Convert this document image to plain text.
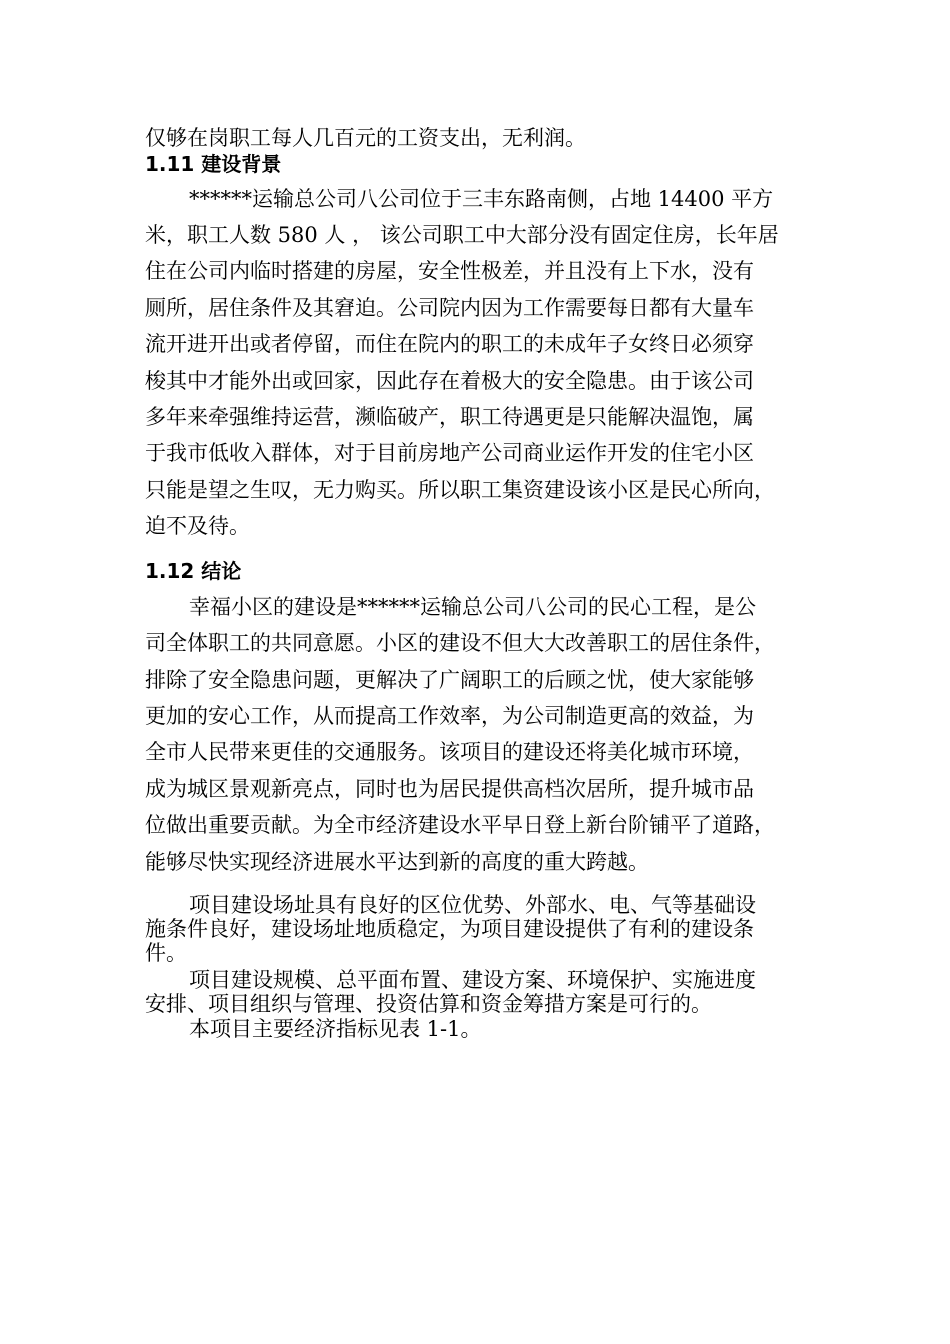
仅够在岗职工每人几百元的工资支出，无利润。
1.11 建设背景
******运输总公司八公司位于三丰东路南侧，占地 14400 平方
米，职工人数 580 人 ， 该公司职工中大部分没有固定住房，长年居
住在公司内临时搭建的房屋，安全性极差，并且没有上下水，没有
厕所，居住条件及其窘迫。公司院内因为工作需要每日都有大量车
流开进开出或者停留，而住在院内的职工的未成年子女终日必须穿
梭其中才能外出或回家，因此存在着极大的安全隐患。由于该公司
多年来牵强维持运营，濒临破产，职工待遇更是只能解决温饱，属
于我市低收入群体，对于目前房地产公司商业运作开发的住宅小区
只能是望之生叹，无力购买。所以职工集资建设该小区是民心所向，
迫不及待。
1.12 结论
幸福小区的建设是******运输总公司八公司的民心工程，是公
司全体职工的共同意愿。小区的建设不但大大改善职工的居住条件，
排除了安全隐患问题，更解决了广阔职工的后顾之忧，使大家能够
更加的安心工作，从而提高工作效率，为公司制造更高的效益，为
全市人民带来更佳的交通服务。该项目的建设还将美化城市环境，
成为城区景观新亮点，同时也为居民提供高档次居所，提升城市品
位做出重要贡献。为全市经济建设水平早日登上新台阶铺平了道路，
能够尽快实现经济进展水平达到新的高度的重大跨越。
项目建设场址具有良好的区位优势、外部水、电、气等基础设
施条件良好，建设场址地质稳定，为项目建设提供了有利的建设条
件。
项目建设规模、总平面布置、建设方案、环境保护、实施进度
安排、项目组织与管理、投资估算和资金筹措方案是可行的。
本项目主要经济指标见表 1-1。
